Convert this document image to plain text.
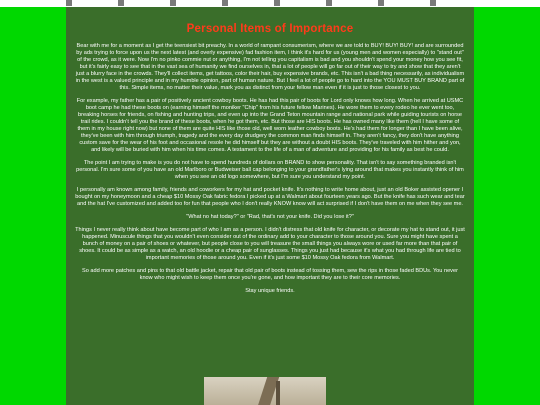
Personal Items of Importance

Bear with me for a moment as I get the teensiest bit preachy. In a world of rampant consumerism, where we are told to BUY! BUY! BUY! and are surrounded by ads trying to force upon us the next latest (and overly expensive) fad fashion item, I think it's hard for us (young men and women especially) to "stand out" of the crowd, as it were. Now I'm no pinko commie nut or anything, I'm not telling you capitalism is bad and you shouldn't spend your money how you see fit, but it's fairly easy to see that in the vast sea of humanity we find ourselves in, that a lot of people will go far out of their way to try and show that they aren't just a blurry face in the crowds. They'll collect items, get tattoos, color their hair, buy expensive brands, etc. This isn't a bad thing necessarily, as individualism in the west is a valued principle and in my humble opinion, part of human nature. But I feel a lot of people go to hard into the YOU MUST BUY BRAND part of this. Simple items, no matter their value, mark you as distinct from your fellow man even if it is just to those closest to you.

For example, my father has a pair of positively ancient cowboy boots. He has had this pair of boots for Lord only knows how long. When he arrived at USMC boot camp he had these boots on (earning himself the moniker "Chip" from his future fellow Marines). He wore them to every rodeo he ever went too, breaking horses for friends, on fishing and hunting trips, and even up into the Grand Teton mountain range and national park while guiding tourists on horse trail rides. I couldn't tell you the brand of these boots, when he got them, etc. But those are HIS boots. He has owned many like them (hell I have some of them in my house right now) but none of them are quite HIS like those old, well worn leather cowboy boots. He's had them for longer than I have been alive, they've been with him through triumph, tragedy and the every day drudgery the common man finds himself in. They aren't fancy, they don't have anything custom save for the wear of his foot and occasional resole he did himself but they are without a doubt HIS boots. They've traveled with him hither and yon, and likely will be buried with him when his time comes. A testament to the life of a man of adventure and providing for his family as best he could.

The point I am trying to make is you do not have to spend hundreds of dollars on BRAND to show personality. That isn't to say something branded isn't personal. I'm sure some of you have an old Marlboro or Budweiser ball cap belonging to your grandfather's lying around that makes you instantly think of him when you see an old logo somewhere, but I'm sure you understand my point.

I personally am known among family, friends and coworkers for my hat and pocket knife. It's nothing to write home about, just an old Boker assisted opener I bought on my honeymoon and a cheap $10 Mossy Oak fabric fedora I picked up at a Walmart about fourteen years ago. But the knife has such wear and tear and the hat I've customized and added too for fun that people who I don't really KNOW know will act surprised if I don't have them on me when they see me.

"What no hat today?" or "Rad, that's not your knife. Did you lose it?"

Things I never really think about have become part of who I am as a person. I didn't distress that old knife for character, or decorate my hat to stand out, it just happened. Minuscule things that you wouldn't even consider out of the ordinary add to your character to those around you. Sure you might have spent a bunch of money on a pair of shoes or whatever, but people close to you will treasure the small things you always wore or used far more than that pair of shoes. It could be as simple as a watch, an old hoodie or a cheap pair of sunglasses. Things you just had because it's what you had through life are tied to important memories of those around you. Even if it's just some $10 Mossy Oak fedora from Walmart.

So add more patches and pins to that old battle jacket, repair that old pair of boots instead of tossing them, sew the rips in those faded BDUs. You never know who might wish to keep them once you're gone, and how important they are to their core memories.

Stay unique friends.
